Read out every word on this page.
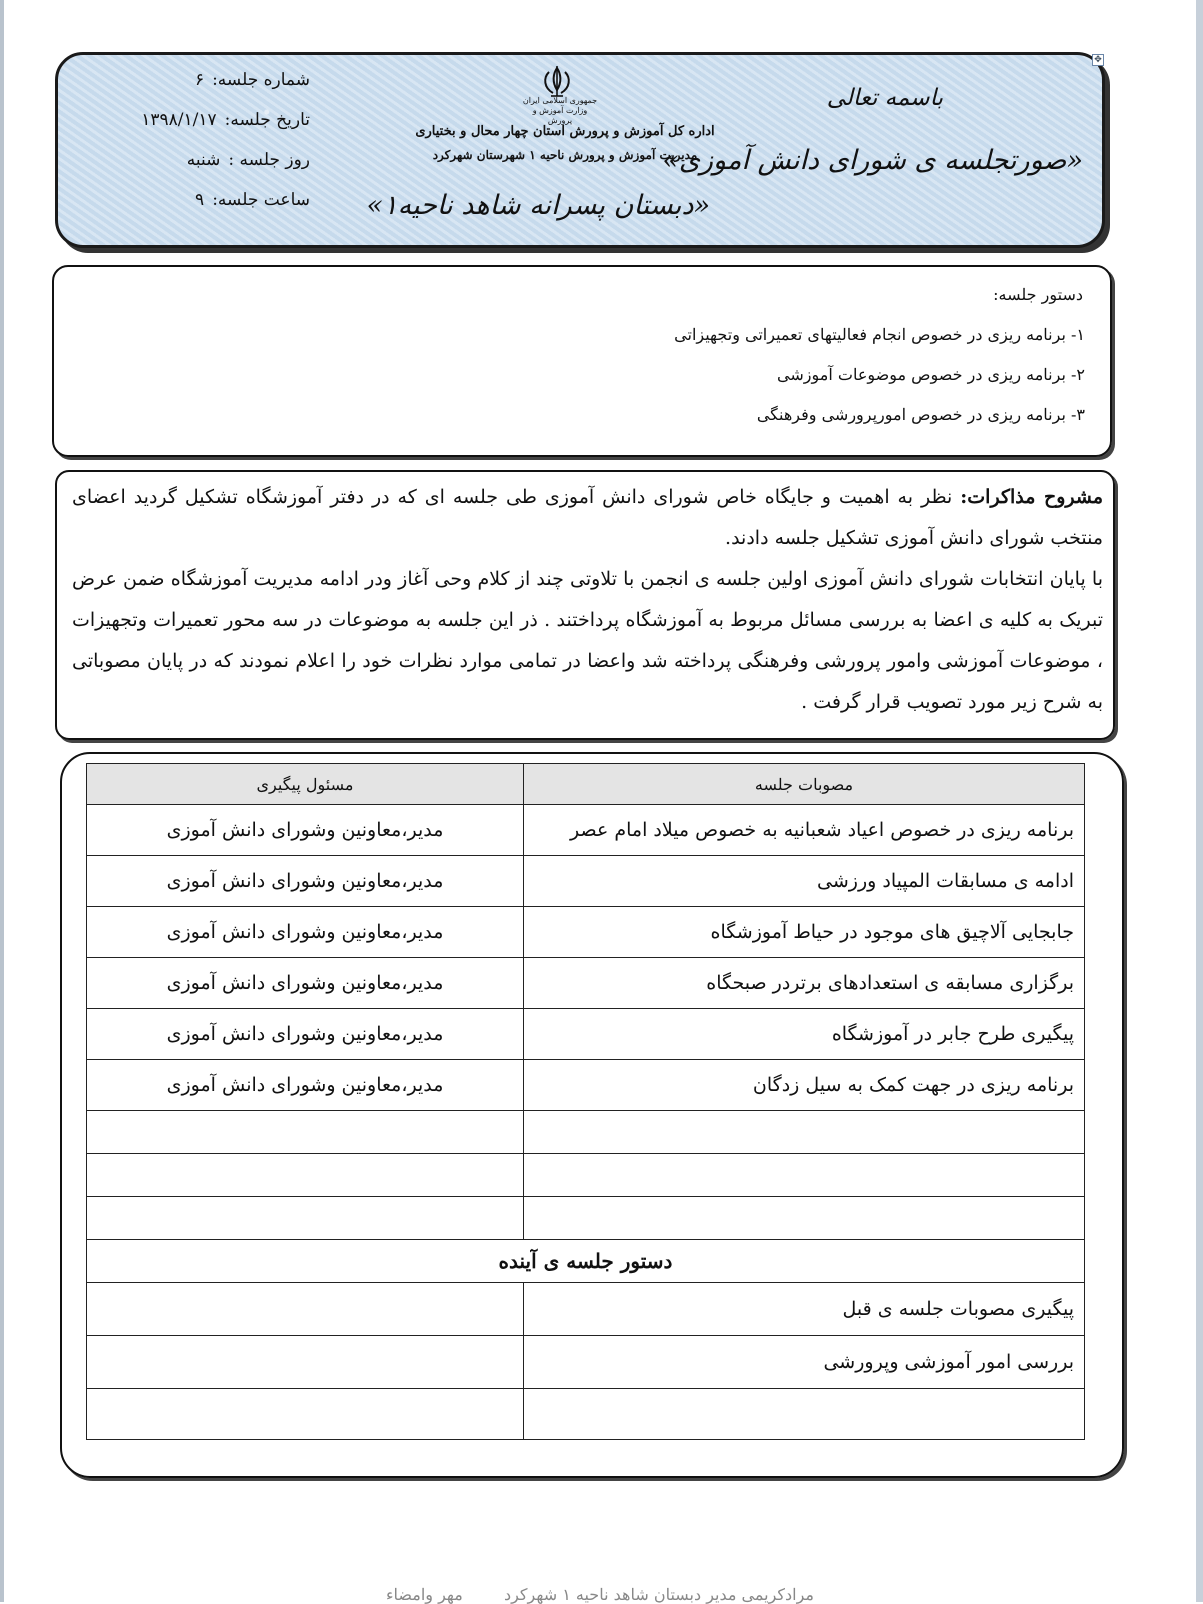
✥
باسمه تعالی
«صورتجلسه ی شورای دانش آموزی»
جمهوری اسلامی ایران وزارت آموزش و پرورش
اداره کل آموزش و پرورش استان چهار محال و بختیاری
مدیریت آموزش و پرورش ناحیه ۱ شهرستان شهرکرد
«دبستان پسرانه شاهد ناحیه۱»
شماره جلسه:۶
تاریخ جلسه:۱۳۹۸/۱/۱۷
روز جلسه :شنبه
ساعت جلسه:۹
دستور جلسه:
۱- برنامه ریزی در خصوص انجام فعالیتهای تعمیراتی وتجهیزاتی
۲- برنامه ریزی در خصوص موضوعات آموزشی
۳- برنامه ریزی در خصوص امورپرورشی وفرهنگی
مشروح مذاکرات: نظر به اهمیت و جایگاه خاص شورای دانش آموزی طی جلسه ای که در دفتر آموزشگاه تشکیل گردید اعضای منتخب شورای دانش آموزی تشکیل جلسه دادند.
با پایان انتخابات شورای دانش آموزی اولین جلسه ی انجمن با تلاوتی چند از کلام وحی آغاز ودر ادامه مدیریت آموزشگاه ضمن عرض تبریک به کلیه ی اعضا به بررسی مسائل مربوط به آموزشگاه پرداختند . ذر این جلسه به موضوعات در سه محور تعمیرات وتجهیزات ، موضوعات آموزشی وامور پرورشی وفرهنگی پرداخته شد واعضا در تمامی موارد نظرات خود را اعلام نمودند که در پایان مصوباتی به شرح زیر مورد تصویب قرار گرفت .
مصوبات جلسه	مسئول پیگیری
برنامه ریزی در خصوص اعیاد شعبانیه به خصوص میلاد امام عصر	مدیر،معاونین وشورای دانش آموزی
ادامه ی مسابقات المپیاد ورزشی	مدیر،معاونین وشورای دانش آموزی
جابجایی آلاچیق های موجود در حیاط آموزشگاه	مدیر،معاونین وشورای دانش آموزی
برگزاری مسابقه ی استعدادهای برتردر صبحگاه	مدیر،معاونین وشورای دانش آموزی
پیگیری طرح جابر در آموزشگاه	مدیر،معاونین وشورای دانش آموزی
برنامه ریزی در جهت کمک به سیل زدگان	مدیر،معاونین وشورای دانش آموزی

دستور جلسه ی آینده	
پیگیری مصوبات جلسه ی قبل	
بررسی امور آموزشی وپرورشی	

مرادکریمی مدیر دبستان شاهد ناحیه ۱ شهرکرد مهر وامضاء
